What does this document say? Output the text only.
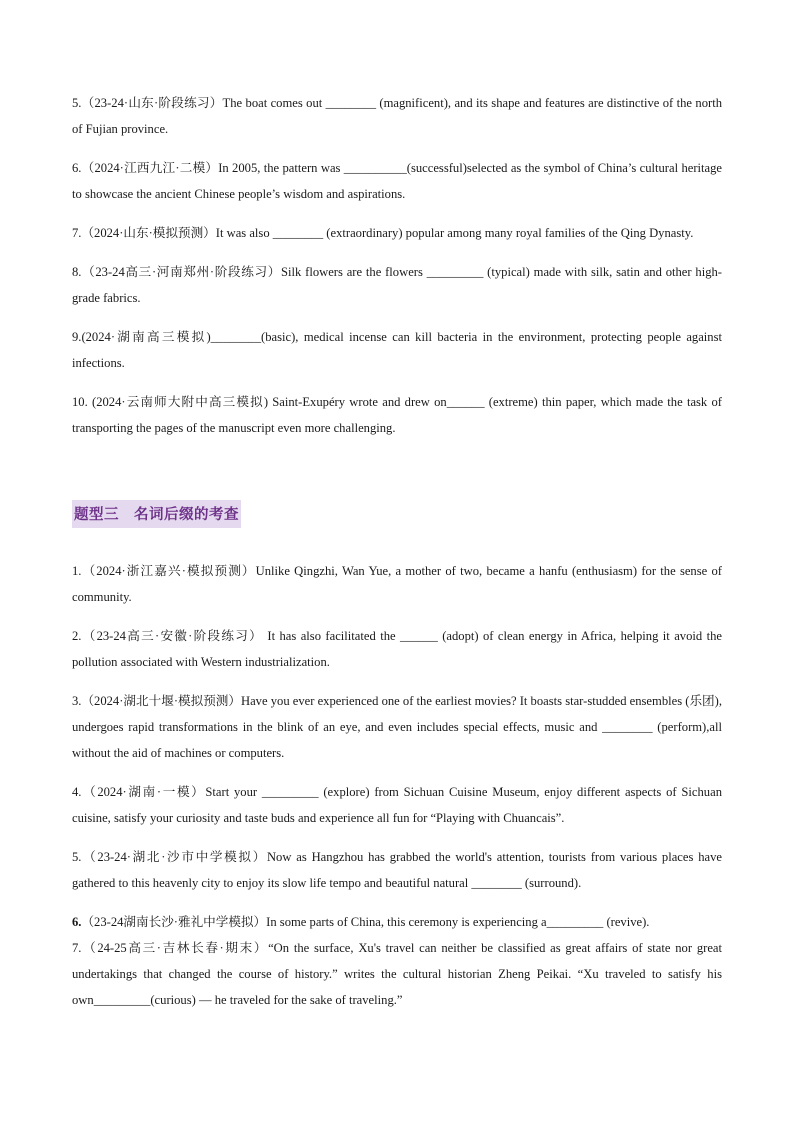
5.（23-24·山东·阶段练习）The boat comes out ________ (magnificent), and its shape and features are distinctive of the north of Fujian province.

6.（2024·江西九江·二模）In 2005, the pattern was __________(successful)selected as the symbol of China’s cultural heritage to showcase the ancient Chinese people’s wisdom and aspirations.

7.（2024·山东·模拟预测）It was also ________ (extraordinary) popular among many royal families of the Qing Dynasty.

8.（23-24高三·河南郑州·阶段练习）Silk flowers are the flowers _________ (typical) made with silk, satin and other high-grade fabrics.

9.(2024·湖南高三模拟)________(basic), medical incense can kill bacteria in the environment, protecting people against infections.

10. (2024·云南师大附中高三模拟) Saint-Exupéry wrote and drew on______ (extreme) thin paper, which made the task of transporting the pages of the manuscript even more challenging.

题型三　名词后缀的考查

1.（2024·浙江嘉兴·模拟预测）Unlike Qingzhi, Wan Yue, a mother of two, became a hanfu (enthusiasm) for the sense of community.

2.（23-24高三·安徽·阶段练习） It has also facilitated the ______ (adopt) of clean energy in Africa, helping it avoid the pollution associated with Western industrialization.

3.（2024·湖北十堰·模拟预测）Have you ever experienced one of the earliest movies? It boasts star-studded ensembles (乐团), undergoes rapid transformations in the blink of an eye, and even includes special effects, music and ________ (perform),all without the aid of machines or computers.

4.（2024·湖南·一模）Start your _________ (explore) from Sichuan Cuisine Museum, enjoy different aspects of Sichuan cuisine, satisfy your curiosity and taste buds and experience all fun for “Playing with Chuancais”.

5.（23-24·湖北·沙市中学模拟）Now as Hangzhou has grabbed the world's attention, tourists from various places have gathered to this heavenly city to enjoy its slow life tempo and beautiful natural ________ (surround).

6.（23-24湖南长沙·雅礼中学模拟）In some parts of China, this ceremony is experiencing a_________ (revive).

7.（24-25高三·吉林长春·期末）“On the surface, Xu's travel can neither be classified as great affairs of state nor great undertakings that changed the course of history.” writes the cultural historian Zheng Peikai. “Xu traveled to satisfy his own_________(curious) — he traveled for the sake of traveling.”
